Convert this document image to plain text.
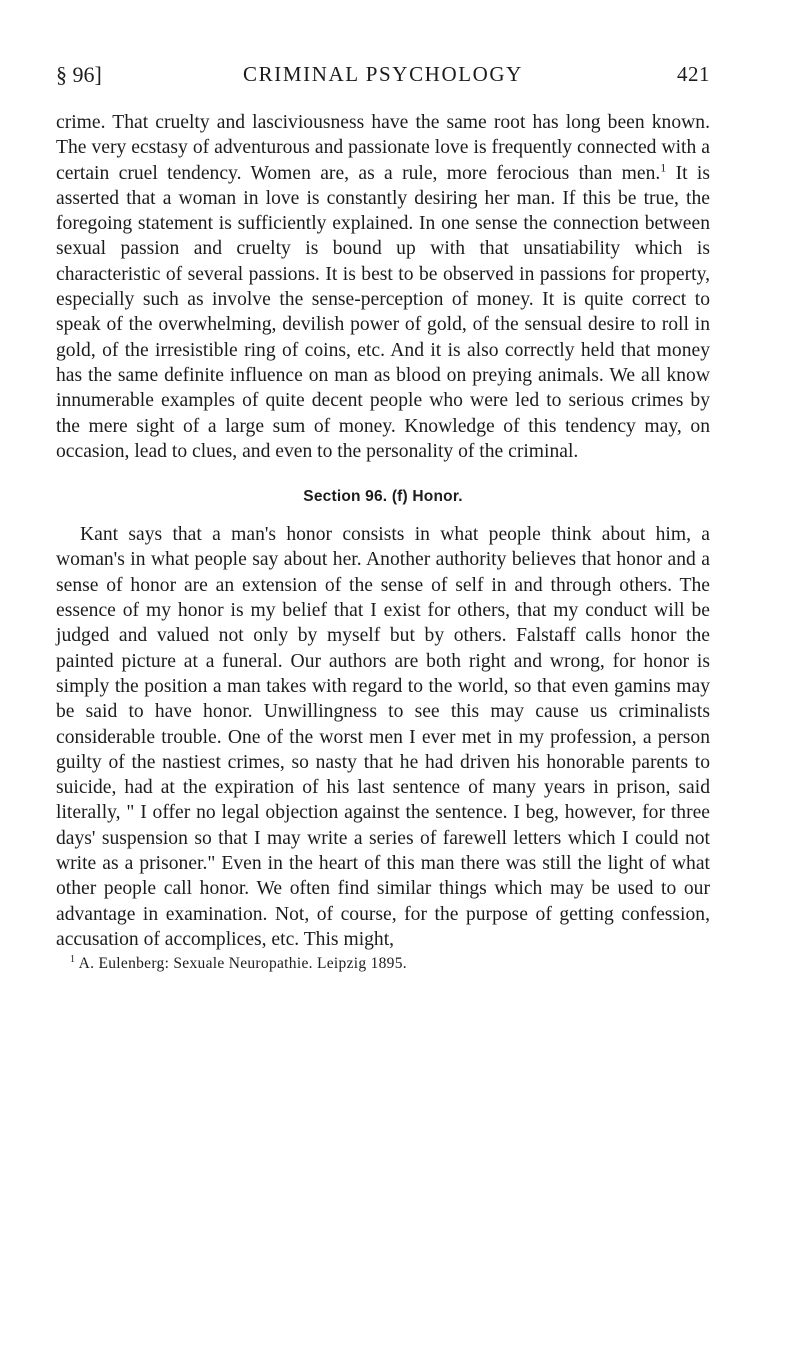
§ 96]	CRIMINAL PSYCHOLOGY	421

crime. That cruelty and lasciviousness have the same root has long been known. The very ecstasy of adventurous and passionate love is frequently connected with a certain cruel tendency. Women are, as a rule, more ferocious than men.$^1$ It is asserted that a woman in love is constantly desiring her man. If this be true, the foregoing statement is sufficiently explained. In one sense the connection between sexual passion and cruelty is bound up with that unsatiability which is characteristic of several passions. It is best to be observed in passions for property, especially such as involve the sense-perception of money. It is quite correct to speak of the overwhelming, devilish power of gold, of the sensual desire to roll in gold, of the irresistible ring of coins, etc. And it is also correctly held that money has the same definite influence on man as blood on preying animals. We all know innumerable examples of quite decent people who were led to serious crimes by the mere sight of a large sum of money. Knowledge of this tendency may, on occasion, lead to clues, and even to the personality of the criminal.

Section 96. (f) Honor.

Kant says that a man's honor consists in what people think about him, a woman's in what people say about her. Another authority believes that honor and a sense of honor are an extension of the sense of self in and through others. The essence of my honor is my belief that I exist for others, that my conduct will be judged and valued not only by myself but by others. Falstaff calls honor the painted picture at a funeral. Our authors are both right and wrong, for honor is simply the position a man takes with regard to the world, so that even gamins may be said to have honor. Unwillingness to see this may cause us criminalists considerable trouble. One of the worst men I ever met in my profession, a person guilty of the nastiest crimes, so nasty that he had driven his honorable parents to suicide, had at the expiration of his last sentence of many years in prison, said literally, " I offer no legal objection against the sentence. I beg, however, for three days' suspension so that I may write a series of farewell letters which I could not write as a prisoner." Even in the heart of this man there was still the light of what other people call honor. We often find similar things which may be used to our advantage in examination. Not, of course, for the purpose of getting confession, accusation of accomplices, etc. This might,

$^1$ A. Eulenberg: Sexuale Neuropathie. Leipzig 1895.
